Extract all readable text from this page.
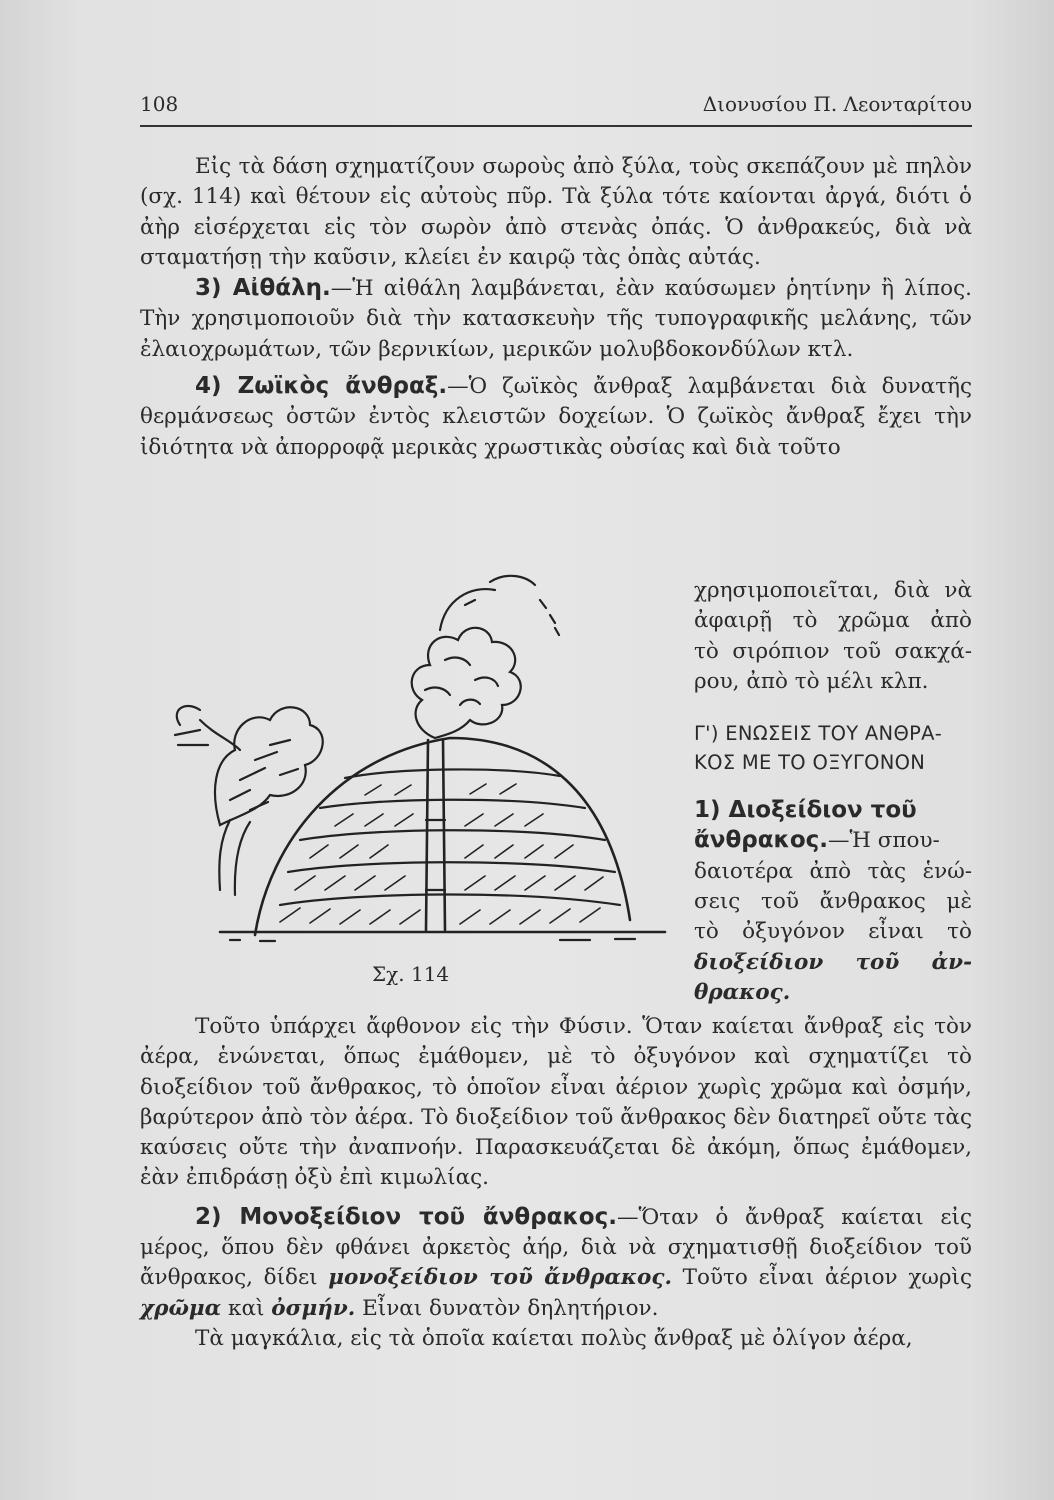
108	Διονυσίου Π. Λεονταρίτου

Εἰς τὰ δάση σχηματίζουν σωροὺς ἀπὸ ξύλα, τοὺς σκεπάζουν μὲ πηλὸν (σχ. 114) καὶ θέτουν εἰς αὐτοὺς πῦρ. Τὰ ξύλα τότε καίονται ἀργά, διότι ὁ ἀὴρ εἰσέρχεται εἰς τὸν σωρὸν ἀπὸ στενὰς ὀπάς. Ὁ ἀνθρακεύς, διὰ νὰ σταματήσῃ τὴν καῦσιν, κλείει ἐν καιρῷ τὰς ὀπὰς αὐτάς.

3) Αἰθάλη.—Ἡ αἰθάλη λαμβάνεται, ἐὰν καύσωμεν ῥητίνην ἢ λίπος. Τὴν χρησιμοποιοῦν διὰ τὴν κατασκευὴν τῆς τυπογραφικῆς μελάνης, τῶν ἐλαιοχρωμάτων, τῶν βερνικίων, μερικῶν μολυβδοκονδύλων κτλ.

4) Ζωϊκὸς ἄνθραξ.—Ὁ ζωϊκὸς ἄνθραξ λαμβάνεται διὰ δυνατῆς θερμάνσεως ὀστῶν ἐντὸς κλειστῶν δοχείων. Ὁ ζωϊκὸς ἄνθραξ ἔχει τὴν ἰδιότητα νὰ ἀπορροφᾷ μερικὰς χρωστικὰς οὐσίας καὶ διὰ τοῦτο

Σχ. 114

χρησιμοποιεῖται, διὰ νὰ

ἀφαιρῇ τὸ χρῶμα ἀπὸ

τὸ σιρόπιον τοῦ σακχά-

ρου, ἀπὸ τὸ μέλι κλπ.

Γ') ΕΝΩΣΕΙΣ ΤΟΥ ΑΝΘΡΑ-
ΚΟΣ ΜΕ ΤΟ ΟΞΥΓΟΝΟΝ

1) Διοξείδιον τοῦ

ἄνθρακος.—Ἡ σπου-

δαιοτέρα ἀπὸ τὰς ἑνώ-

σεις τοῦ ἄνθρακος μὲ

τὸ ὀξυγόνον εἶναι τὸ

διοξείδιον τοῦ ἀν-

θρακος.

Τοῦτο ὑπάρχει ἄφθονον εἰς τὴν Φύσιν. Ὅταν καίεται ἄνθραξ εἰς τὸν ἀέρα, ἑνώνεται, ὅπως ἐμάθομεν, μὲ τὸ ὀξυγόνον καὶ σχηματίζει τὸ διοξείδιον τοῦ ἄνθρακος, τὸ ὁποῖον εἶναι ἀέριον χωρὶς χρῶμα καὶ ὀσμήν, βαρύτερον ἀπὸ τὸν ἀέρα. Τὸ διοξείδιον τοῦ ἄνθρακος δὲν διατηρεῖ οὔτε τὰς καύσεις οὔτε τὴν ἀναπνοήν. Παρασκευάζεται δὲ ἀκόμη, ὅπως ἐμάθομεν, ἐὰν ἐπιδράσῃ ὀξὺ ἐπὶ κιμωλίας.

2) Μονοξείδιον τοῦ ἄνθρακος.—Ὅταν ὁ ἄνθραξ καίεται εἰς μέρος, ὅπου δὲν φθάνει ἀρκετὸς ἀήρ, διὰ νὰ σχηματισθῇ διοξείδιον τοῦ ἄνθρακος, δίδει μονοξείδιον τοῦ ἄνθρακος. Τοῦτο εἶναι ἀέριον χωρὶς χρῶμα καὶ ὀσμήν. Εἶναι δυνατὸν δηλητήριον.

Τὰ μαγκάλια, εἰς τὰ ὁποῖα καίεται πολὺς ἄνθραξ μὲ ὀλίγον ἀέρα,
